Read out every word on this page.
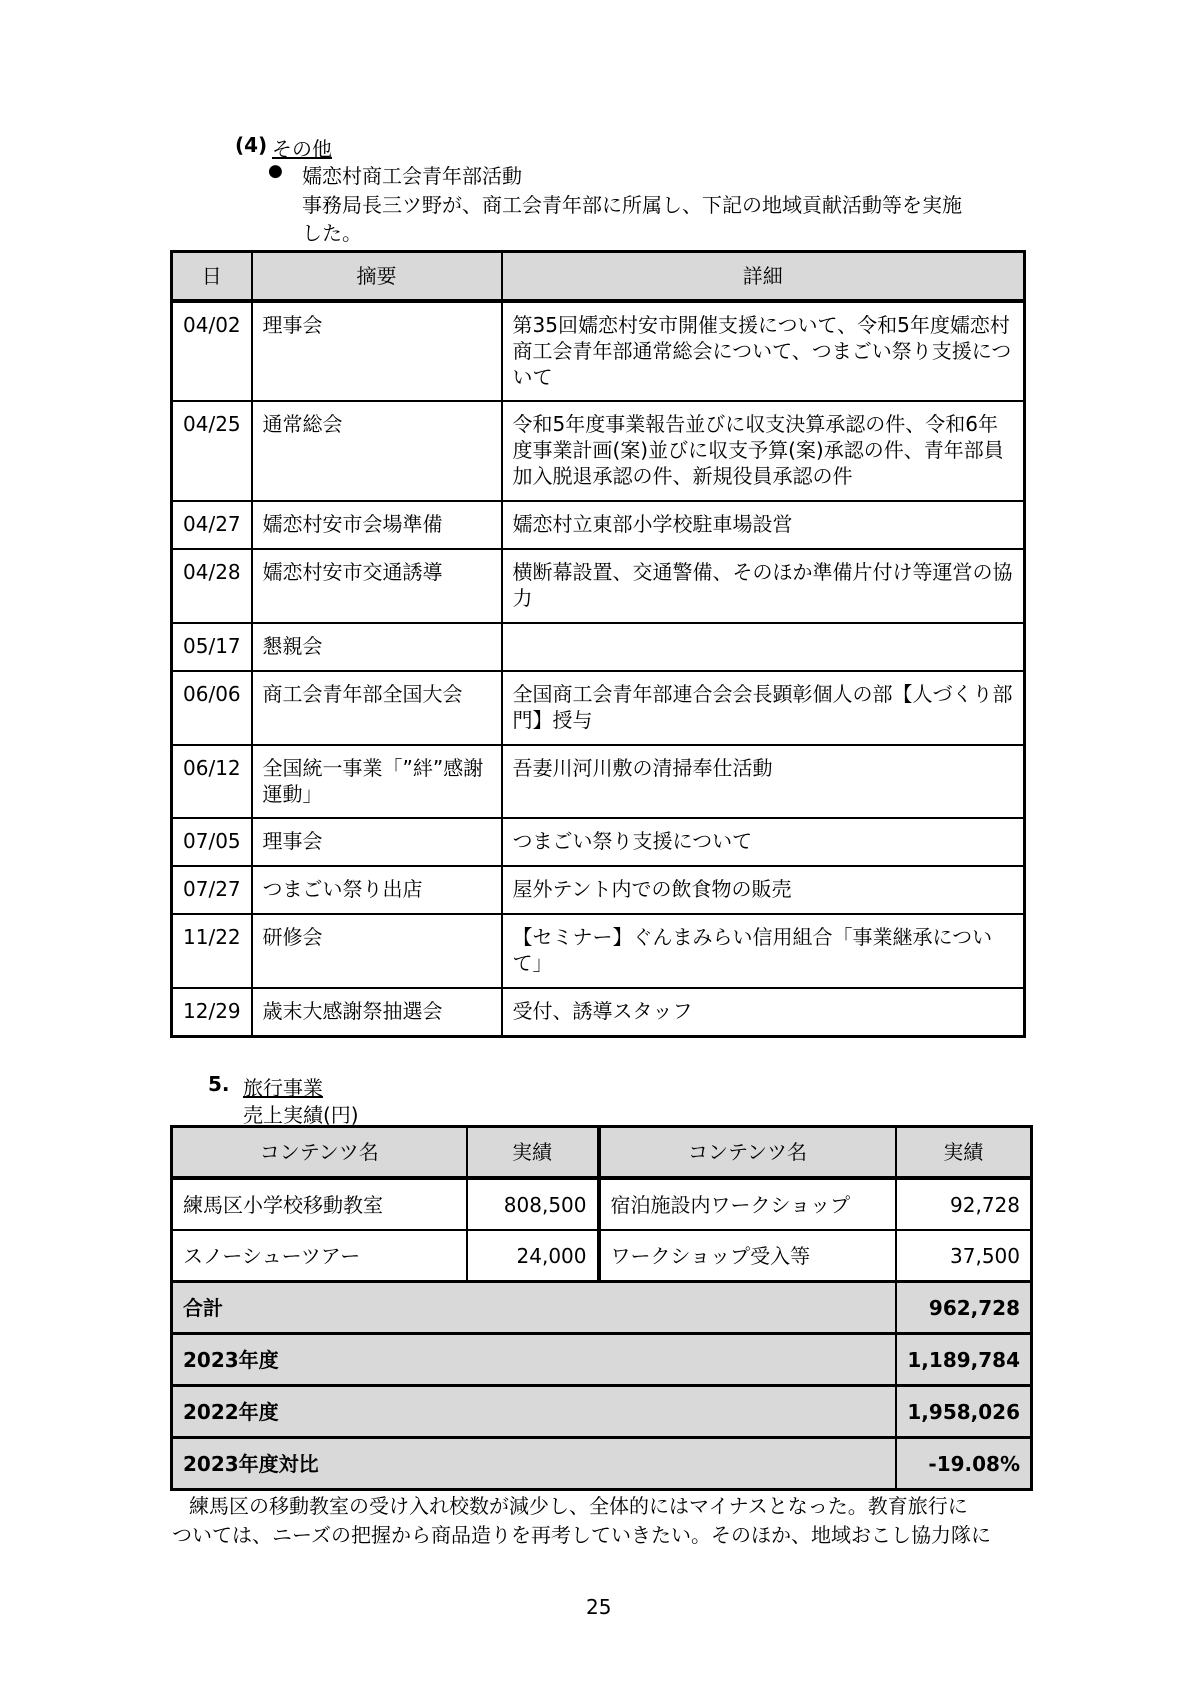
(4) その他
● 嬬恋村商工会青年部活動
事務局長三ツ野が、商工会青年部に所属し、下記の地域貢献活動等を実施
した。
日	摘要	詳細
04/02	理事会	第35回嬬恋村安市開催支援について、令和5年度嬬恋村商工会青年部通常総会について、つまごい祭り支援について
04/25	通常総会	令和5年度事業報告並びに収支決算承認の件、令和6年度事業計画(案)並びに収支予算(案)承認の件、青年部員加入脱退承認の件、新規役員承認の件
04/27	嬬恋村安市会場準備	嬬恋村立東部小学校駐車場設営
04/28	嬬恋村安市交通誘導	横断幕設置、交通警備、そのほか準備片付け等運営の協力
05/17	懇親会	
06/06	商工会青年部全国大会	全国商工会青年部連合会会長顕彰個人の部【人づくり部門】授与
06/12	全国統一事業「”絆”感謝運動」	吾妻川河川敷の清掃奉仕活動
07/05	理事会	つまごい祭り支援について
07/27	つまごい祭り出店	屋外テント内での飲食物の販売
11/22	研修会	【セミナー】ぐんまみらい信用組合「事業継承について」
12/29	歳末大感謝祭抽選会	受付、誘導スタッフ
5. 旅行事業
売上実績(円)
コンテンツ名	実績	コンテンツ名	実績
練馬区小学校移動教室	808,500	宿泊施設内ワークショップ	92,728
スノーシューツアー	24,000	ワークショップ受入等	37,500
合計			962,728
2023年度			1,189,784
2022年度			1,958,026
2023年度対比			-19.08%
練馬区の移動教室の受け入れ校数が減少し、全体的にはマイナスとなった。教育旅行に
ついては、ニーズの把握から商品造りを再考していきたい。そのほか、地域おこし協力隊に
25
